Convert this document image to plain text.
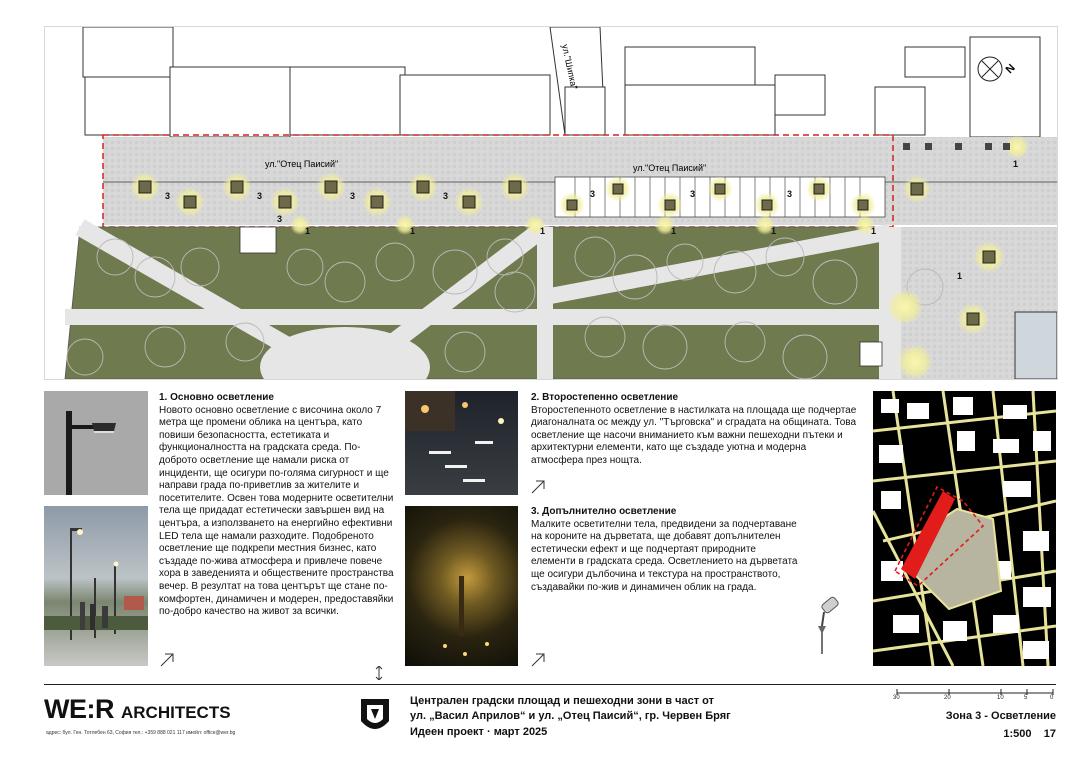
ул."Шипка"
ул."Отец Паисий"	ул."Отец Паисий"
3	3	3	3	3	3	3
3
1	1	1	1	1	1
1
1
N
1. Основно осветление

Новото основно осветление с височина около 7 метра ще промени облика на центъра, като повиши безопасността, естетиката и функционалността на градската среда. По-доброто осветление ще намали риска от инциденти, ще осигури по-голяма сигурност и ще направи града по-приветлив за жителите и посетителите. Освен това модерните осветителни тела ще придадат естетически завършен вид на центъра, а използването на енергийно ефективни LED тела ще намали разходите. Подобреното осветление ще подкрепи местния бизнес, като създаде по-жива атмосфера и привлече повече хора в заведенията и обществените пространства вечер. В резултат на това центърът ще стане по-комфортен, динамичен и модерен, предоставяйки по-добро качество на живот за всички.

2. Второстепенно осветление

Второстепенното осветление в настилката на площада ще подчертае диагоналната ос между ул. "Търговска" и сградата на общината. Това осветление ще насочи вниманието към важни пешеходни пътеки и архитектурни елементи, като ще създаде уютна и модерна атмосфера през нощта.

3. Допълнително осветление

Малките осветителни тела, предвидени за подчертаване на короните на дърветата, ще добавят допълнителен естетически ефект и ще подчертаят природните елементи в градската среда. Осветлението на дърветата ще осигури дълбочина и текстура на пространството, създавайки по-жив и динамичен облик на града.

WE:R ARCHITECTS
адрес: бул. Ген. Тотлебен 63, София тел.: +359 888 021 117 имейл: office@wer.bg
Централен градски площад и пешеходни зони в част от
ул. „Васил Априлов“ и ул. „Отец Паисий“, гр. Червен Бряг
Идеен проект · март 2025
30	20	10	5	0
Зона 3 - Осветление
1:500 17
